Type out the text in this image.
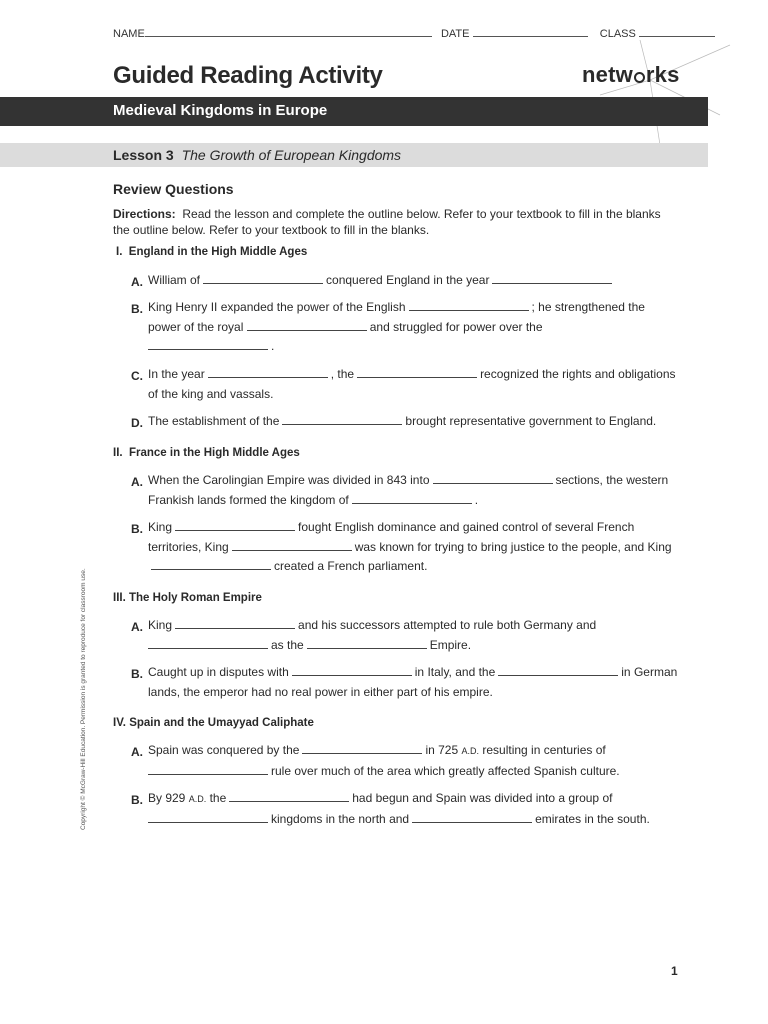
NAME	DATE	CLASS
Guided Reading Activity	netw rks
Medieval Kingdoms in Europe
Lesson 3 The Growth of European Kingdoms
Review Questions
Directions: Read the lesson and complete the outline below. Refer to your textbook to fill in the blanks the outline below. Refer to your textbook to fill in the blanks.
I. England in the High Middle Ages
A. William of	conquered England in the year
B. King Henry II expanded the power of the English	; he strengthened the power of the royal	and struggled for power over the
.
C. In the year	, the	recognized the rights and obligations of the king and vassals.
D. The establishment of the	brought representative government to England.
II. France in the High Middle Ages
A. When the Carolingian Empire was divided in 843 into	sections, the western Frankish lands formed the kingdom of	.
B. King	fought English dominance and gained control of several French territories, King	was known for trying to bring justice to the people, and Kingcreated a French parliament.
III. The Holy Roman Empire
A. King	and his successors attempted to rule both Germany and
as the	Empire.
B. Caught up in disputes with	in Italy, and the	in German lands, the emperor had no real power in either part of his empire.
IV. Spain and the Umayyad Caliphate
A. Spain was conquered by the	in 725 A.D. resulting in centuries of
rule over much of the area which greatly affected Spanish culture.
B. By 929 A.D. the	had begun and Spain was divided into a group of
kingdoms in the north and	emirates in the south.
Copyright © McGraw-Hill Education. Permission is granted to reproduce for classroom use.
1
